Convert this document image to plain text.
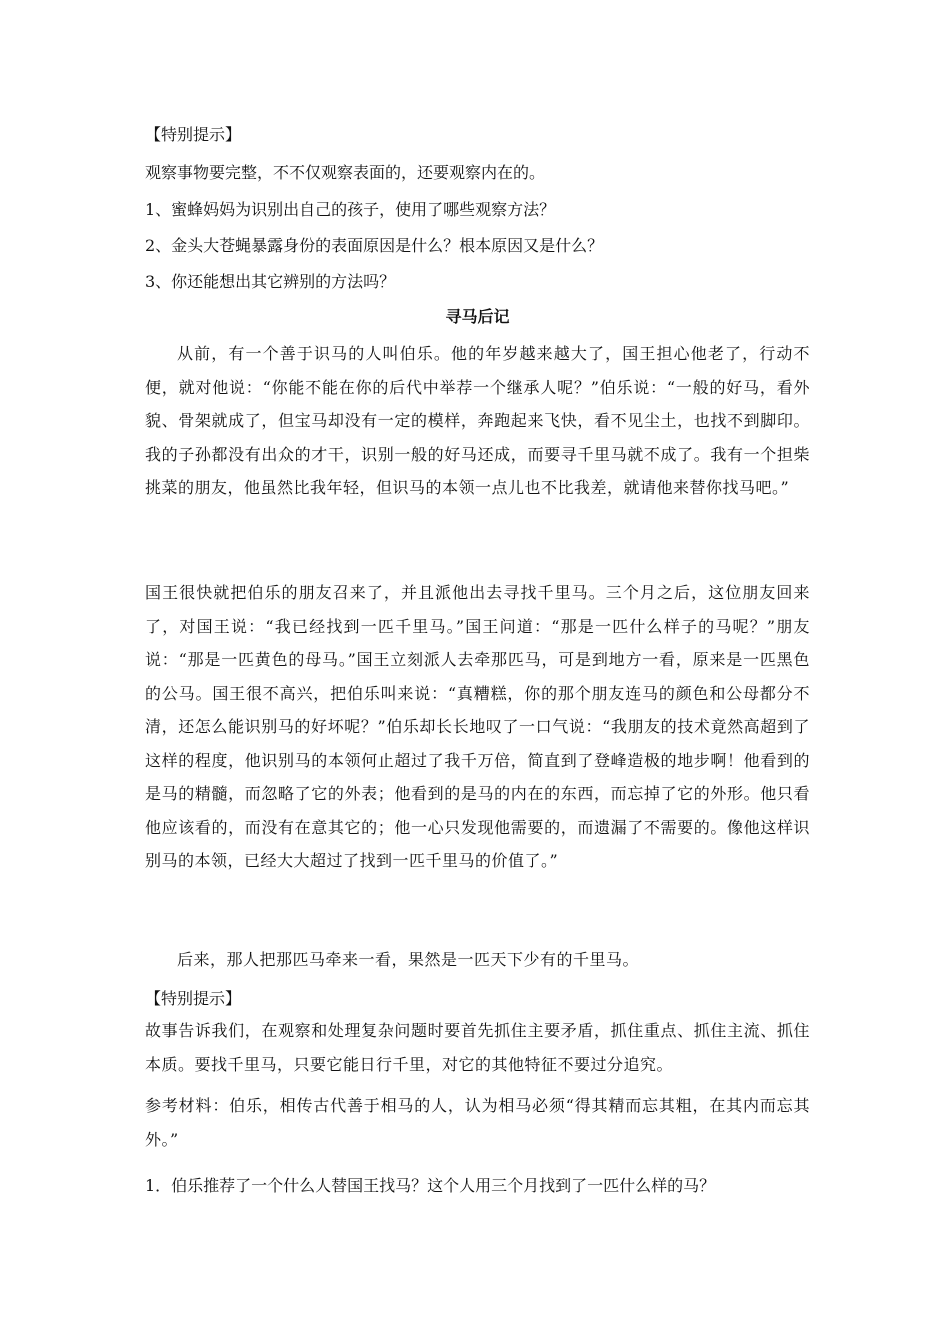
【特别提示】
观察事物要完整，不不仅观察表面的，还要观察内在的。
1、蜜蜂妈妈为识别出自己的孩子，使用了哪些观察方法？
2、金头大苍蝇暴露身份的表面原因是什么？根本原因又是什么？
3、你还能想出其它辨别的方法吗？
寻马后记
从前，有一个善于识马的人叫伯乐。他的年岁越来越大了，国王担心他老了，行动不便，就对他说：“你能不能在你的后代中举荐一个继承人呢？”伯乐说：“一般的好马，看外貌、骨架就成了，但宝马却没有一定的模样，奔跑起来飞快，看不见尘土，也找不到脚印。我的子孙都没有出众的才干，识别一般的好马还成，而要寻千里马就不成了。我有一个担柴挑菜的朋友，他虽然比我年轻，但识马的本领一点儿也不比我差，就请他来替你找马吧。”
国王很快就把伯乐的朋友召来了，并且派他出去寻找千里马。三个月之后，这位朋友回来了，对国王说：“我已经找到一匹千里马。”国王问道：“那是一匹什么样子的马呢？”朋友说：“那是一匹黄色的母马。”国王立刻派人去牵那匹马，可是到地方一看，原来是一匹黑色的公马。国王很不高兴，把伯乐叫来说：“真糟糕，你的那个朋友连马的颜色和公母都分不清，还怎么能识别马的好坏呢？”伯乐却长长地叹了一口气说：“我朋友的技术竟然高超到了这样的程度，他识别马的本领何止超过了我千万倍，简直到了登峰造极的地步啊！他看到的是马的精髓，而忽略了它的外表；他看到的是马的内在的东西，而忘掉了它的外形。他只看他应该看的，而没有在意其它的；他一心只发现他需要的，而遗漏了不需要的。像他这样识别马的本领，已经大大超过了找到一匹千里马的价值了。”
后来，那人把那匹马牵来一看，果然是一匹天下少有的千里马。
【特别提示】
故事告诉我们，在观察和处理复杂问题时要首先抓住主要矛盾，抓住重点、抓住主流、抓住本质。要找千里马，只要它能日行千里，对它的其他特征不要过分追究。
参考材料：伯乐，相传古代善于相马的人，认为相马必须“得其精而忘其粗，在其内而忘其外。”
1．伯乐推荐了一个什么人替国王找马？这个人用三个月找到了一匹什么样的马？
